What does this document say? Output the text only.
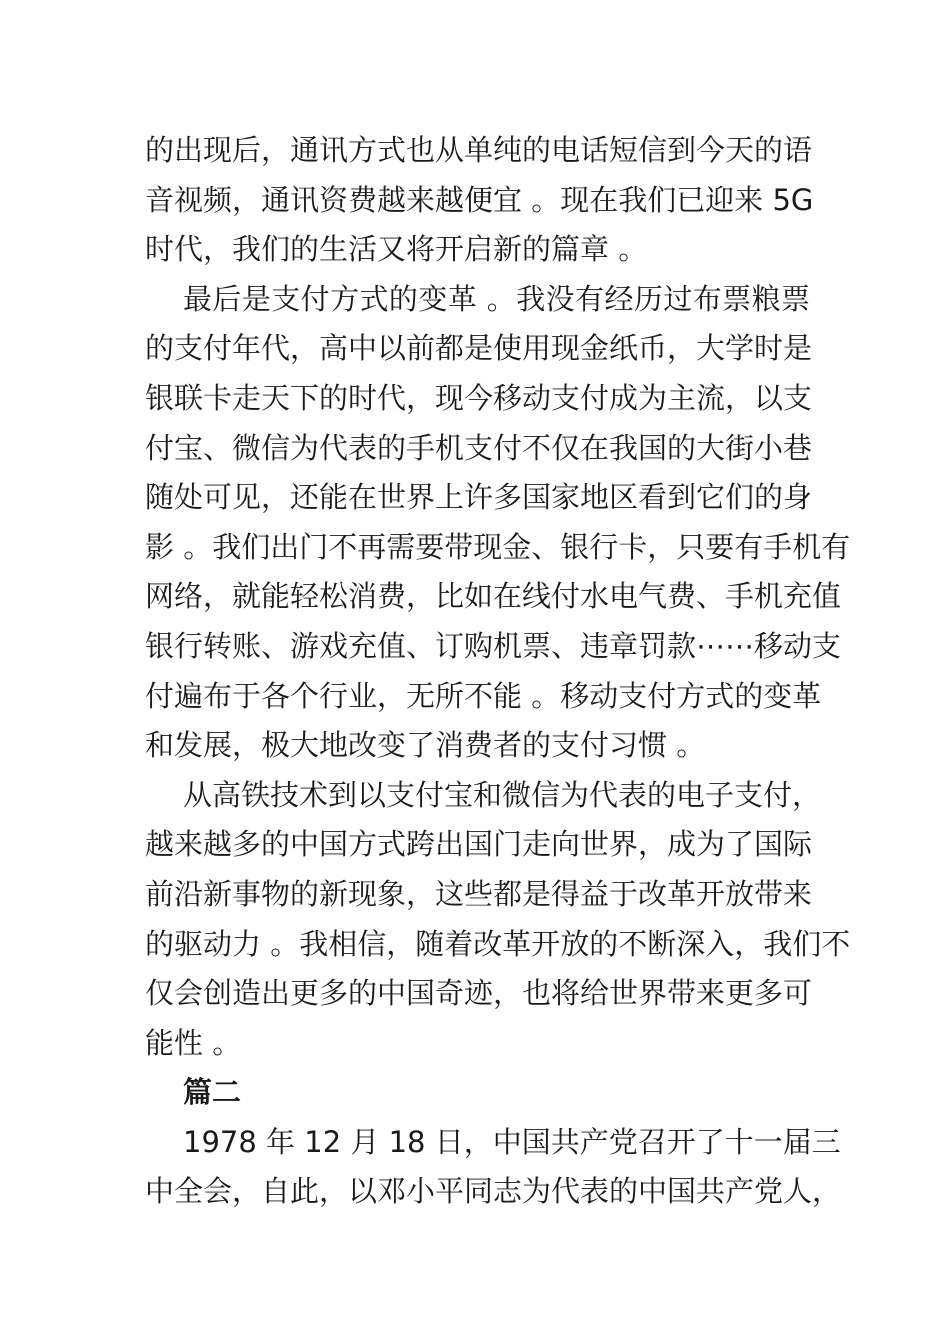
的出现后，通讯方式也从单纯的电话短信到今天的语
音视频，通讯资费越来越便宜 。现在我们已迎来 5G
时代，我们的生活又将开启新的篇章 。
最后是支付方式的变革 。我没有经历过布票粮票
的支付年代，高中以前都是使用现金纸币，大学时是
银联卡走天下的时代，现今移动支付成为主流，以支
付宝、微信为代表的手机支付不仅在我国的大街小巷
随处可见，还能在世界上许多国家地区看到它们的身
影 。我们出门不再需要带现金、银行卡，只要有手机有
网络，就能轻松消费，比如在线付水电气费、手机充值
银行转账、游戏充值、订购机票、违章罚款⋯⋯移动支
付遍布于各个行业，无所不能 。移动支付方式的变革
和发展，极大地改变了消费者的支付习惯 。
从高铁技术到以支付宝和微信为代表的电子支付，
越来越多的中国方式跨出国门走向世界，成为了国际
前沿新事物的新现象，这些都是得益于改革开放带来
的驱动力 。我相信，随着改革开放的不断深入，我们不
仅会创造出更多的中国奇迹，也将给世界带来更多可
能性 。
篇二
1978 年 12 月 18 日，中国共产党召开了十一届三
中全会，自此，以邓小平同志为代表的中国共产党人，
